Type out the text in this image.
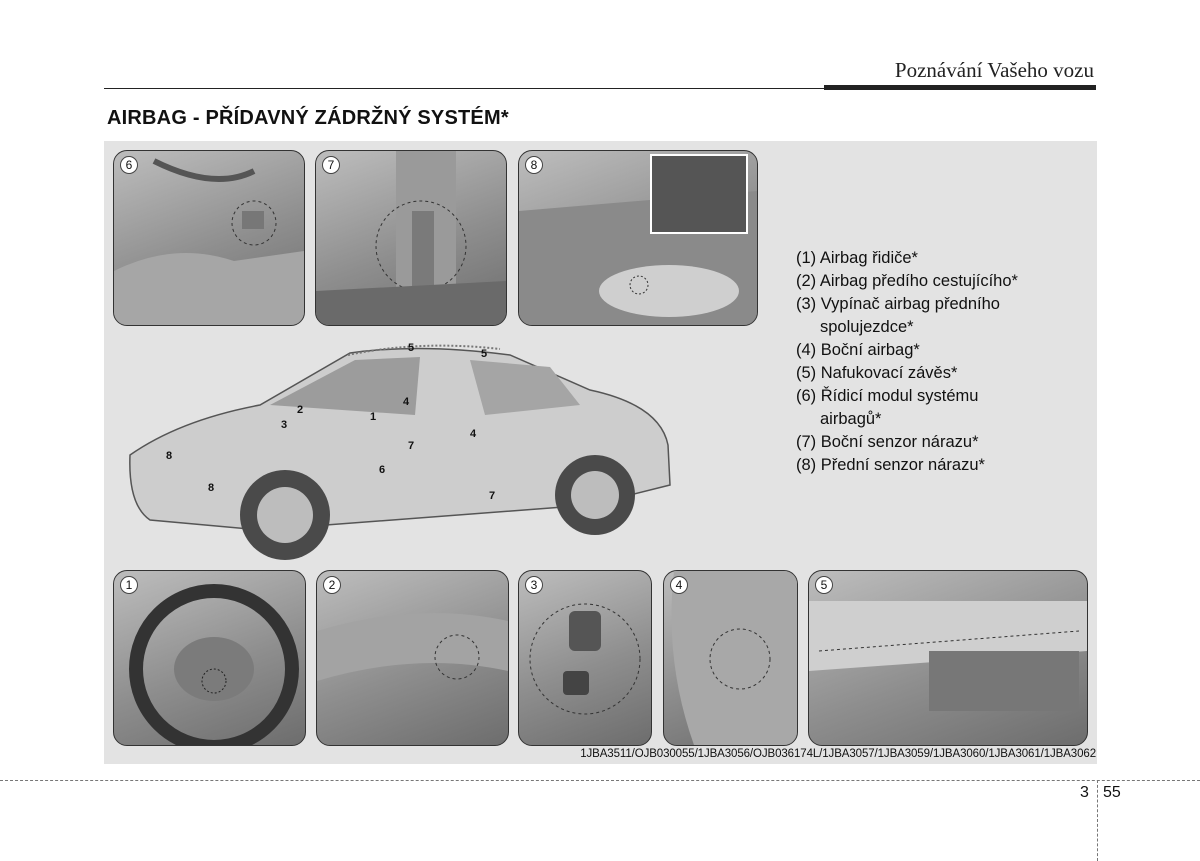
Poznávání Vašeho vozu
AIRBAG - PŘÍDAVNÝ ZÁDRŽNÝ SYSTÉM*
6	7	8
5	5
2
3
1
4
8
8
7
4
6
7
(1) Airbag řidiče*
(2) Airbag předího cestujícího*
(3) Vypínač airbag předního
spolujezdce*
(4) Boční airbag*
(5) Nafukovací závěs*
(6) Řídicí modul systému
airbagů*
(7) Boční senzor nárazu*
(8) Přední senzor nárazu*
1	2	3	4	5
1JBA3511/OJB030055/1JBA3056/OJB036174L/1JBA3057/1JBA3059/1JBA3060/1JBA3061/1JBA3062
3 55
